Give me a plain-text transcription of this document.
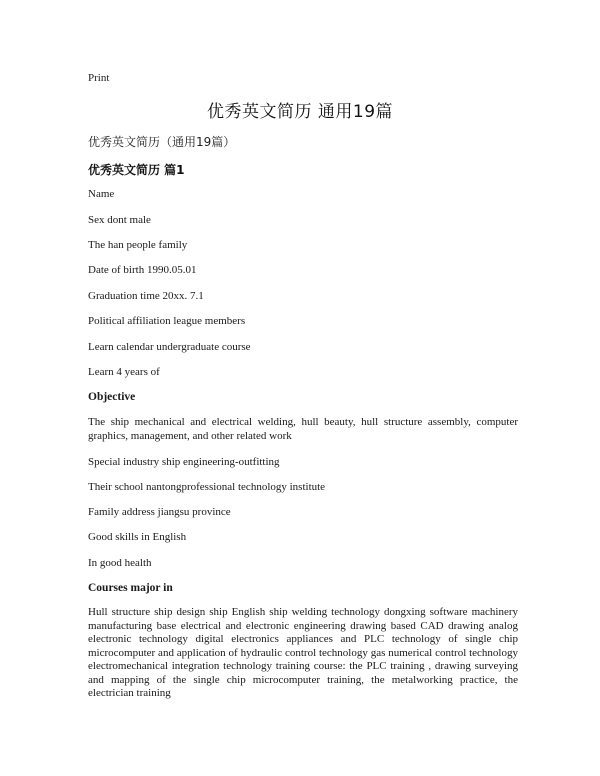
Print
优秀英文简历 通用19篇
优秀英文简历（通用19篇）
优秀英文简历 篇1
Name
Sex dont male
The han people family
Date of birth 1990.05.01
Graduation time 20xx. 7.1
Political affiliation league members
Learn calendar undergraduate course
Learn 4 years of
Objective
The ship mechanical and electrical welding, hull beauty, hull structure assembly, computer graphics, management, and other related work
Special industry ship engineering-outfitting
Their school nantongprofessional technology institute
Family address jiangsu province
Good skills in English
In good health
Courses major in
Hull structure ship design ship English ship welding technology dongxing software machinery manufacturing base electrical and electronic engineering drawing based CAD drawing analog electronic technology digital electronics appliances and PLC technology of single chip microcomputer and application of hydraulic control technology gas numerical control technology electromechanical integration technology training course: the PLC training , drawing surveying and mapping of the single chip microcomputer training, the metalworking practice, the electrician training
